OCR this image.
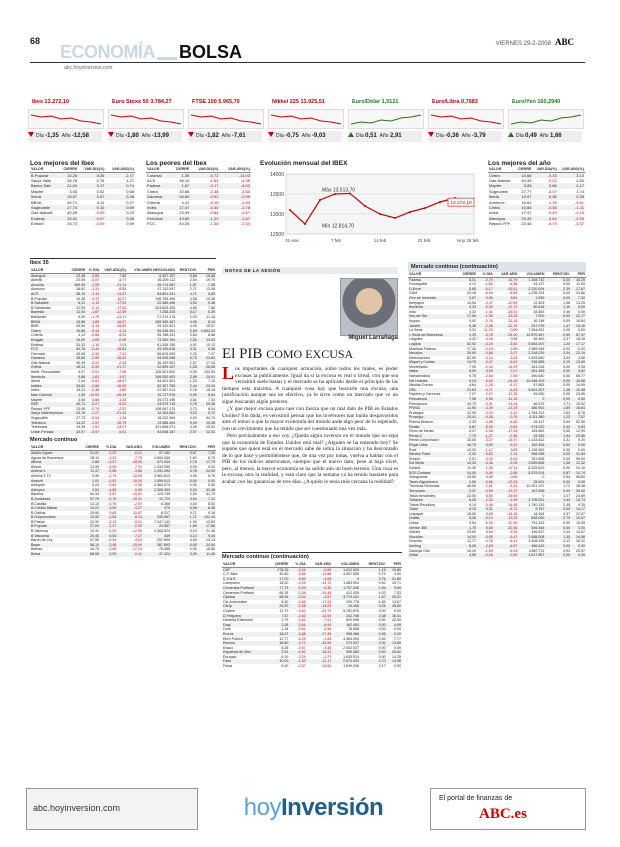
68
ECONOMÍA BOLSA
abc.hoyinversion.com
VIERNES 29-2-2008 ABC
Ibex 13.272,10
Día -1,35 Año -12,58
Euro Stoxx 50 3.784,27
Día -1,80 Año -13,99
FTSE 100 5.965,70
Día -1,82 Año -7,61
Nikkei 225 13.925,51
Día -0,75 Año -9,03
Euro/Dólar 1,5121
Día 0,51 Año 2,91
Euro/Libra 0,7683
Día -0,36 Año -3,79
Euro/Yen 160,2940
Día 0,49 Año 1,66
Los mejores del Ibex
VALOR	CIERRE	VAR.DÍA(%)	VAR.AÑO(%)
B.Popular	10,28	0,35	-2,47
Sacyr Valle	26,78	0,76	1,27
Banco Sab	21,04	0,17	0,74
Mapfre	3,05	0,02	0,66
Iberia	19,97	0,07	0,38
BBVA	40,71	0,11	0,27
Sogecable	27,73	0,10	0,69
Gas Natural	40,49	-0,09	0,22
Endesa	33,41	-0,07	0,38
Enfotel	15,73	-0,09	0,59
Los peores del Ibex
VALOR	CIERRE	VAR.DÍA(%)	VAR.AÑO(%)
Colonial	1,35	-0,72	-14,03
ACS	38,10	-1,64	-4,35
Fadesa	1,67	-0,17	-4,03
Cintra	10,66	-0,38	-3,54
Gamesa	26,60	-0,92	-2,99
Criteria	4,12	-0,10	-2,83
Indra	17,47	-0,40	-2,78
Abengoa	23,49	-0,64	-2,67
Ferrovial	43,80	-1,20	-2,67
FCC	40,26	-1,08	-2,64
Evolución mensual del IBEX
12500
13000
13500
14000
31 ene	7 feb	14 feb	21 feb	Hoy 28 feb
Máx 13.513,70
Mín 12.814,70
13.272,10
Los mejores del año
VALOR	CIERRE	VAR.DÍA(%)	VAR.AÑO(%)
Cintra	10,66	-0,33	3,13
Gas Natural	40,49	-0,22	2,84
Mapfre	3,05	0,66	2,17
Sogecable	27,77	-0,07	1,74
Iberia	19,97	0,38	0,35
Acerinox	16,62	-1,35	-0,61
Cintra	10,66	-0,38	-1,11
Indra	17,47	-0,40	-2,15
Abengoa	23,49	-0,64	-2,93
Repsol YPF	23,46	-0,79	-3,37
Ibex 35
VALOR	CIERRE	% DÍA	VAR.AÑO(%)	VOLUMEN NEGOCIADO	RENT.DIV.	PER
Abengoa	23,48	-2,65	7,89	6.307.157	0,68	15,68
Abertis	20,09	-0,57	-5,77	36.209.112	2,54	19,70
Acciona	169,90	-1,05	-21,14	49.174.087	1,87	7,36
Acerinox	16,62	-1,31	-8,55	17.132.097	2,71	13,08
ACS	38,10	-1,14	-14,87	53.801.341	4,71	5,65
B.Popular	10,38	-0,47	-10,27	196.759.496	4,38	10,38
B.Sabadell	6,31	-1,13	-17,54	22.389.496	3,93	9,38
B.Santander	12,05	-2,19	-17,62	324.625.305	4,65	7,66
Banesto	11,94	-1,87	-12,59	7.255.225	5,17	5,39
Bankinter	9,90	-1,79	-21,17	27.374.175	2,93	11,16
BBVA	13,58	-1,85	-16,07	285.369.487	4,95	8,14
BME	26,50	-3,15	-28,55	29.120.521	4,39	15,97
Cintra	10,66	-0,44	-3,14	35.446.301	0,54	2.803,34
Criteria	4,12	-2,88	-8,33	55.786.241	0,64	6,88
Enagás	19,60	-1,65	-0,55	73.390.764	2,52	13,93
Endesa	33,33	-1,10	-7,03	61.526.155	4,92	10,13
FCC	40,76	-2,44	-18,83	43.100.616	3,31	6,38
Ferrovial	49,65	-2,40	-7,21	65.625.099	2,33	7,47
Gamesa	26,60	-2,99	-16,02	44.926.268	0,75	24,60
Gas Natural	40,49	-0,22	-2,53	36.102.952	2,57	17,16
Grifols	15,23	-0,59	-21,17	22.899.157	1,28	25,68
Iberd. Renovables	4,07	-0,01	-7,96	126.501.502	0,00	133,53
Iberdrola	9,68	-1,63	-3,67	206.052.402	2,95	20,01
Iberia	2,44	-0,81	-18,67	34.401.901	1,23	7,10
Inditex	34,62	-2,66	-16,09	82.307.769	2,44	23,24
Indra	16,31	-0,38	-1,85	22.567.012	2,76	16,18
Mas Colonial	1,35	-14,03	-26,19	15.727.978	0,00	5,54
Mapfre	3,05	0,66	-1,33	29.073.196	3,61	7,34
REE	40,71	-0,27	-5,03	24.579.715	2,76	25,36
Repsol YPF	23,06	-0,74	-2,57	106.087.175	3,73	6,04
Sacyr Vallehermoso	20,76	-1,27	-21,42	12.304.081	3,03	5,72
Sogecable	27,73	-0,04	-1,26	18.212.964	0,00	54,70
Telecinco	14,22	-1,57	-16,79	13.988.494	9,00	10,08
Telefónica	19,35	-1,02	-13,27	421.896.071	3,36	15,03
Unión Fenosa	43,97	-0,97	-5,51	54.658.187	2,97	12,03
Mercado continuo
VALOR	CIERRE	% DÍA	VAR.AÑO	VOLUMEN	RENT.DIV.	PER
Adolfo Dguez	21,91	-2,20	-0,21	97.152	3,67	7,26
Aguas de Barcelona	28,11	-1,33	-7,79	4.694.050	1,60	6,70
Afirma	2,88	-0,57	-18,93	471.044	2,76	17,79
Amper	13,99	-3,59	-7,31	1.034.090	0,00	0,00
Antena 3	11,37	-2,86	-3,66	1.941.494	3,78	24,00
Antena 3 TV	9,39	-2,75	-11,39	3.961.613	4,35	9,76
Avanzit	1,91	-0,81	-19,34	1.059.013	0,00	0,00
Azkoyen	5,24	-3,69	-9,39	4.364.979	0,00	0,00
Azkoyen	2,52	-4,85	-9,59	2.305.353	0,00	32,48
Bankoa	54,34	-2,87	-10,41	123.749	0,00	51,70
B.Andalucía	57,75	-0,70	-10,31	31.723	4,54	7,12
B.Castilla	13,10	-0,76	-2,97	6.366	4,50	8,00
B.Crédito Balear	19,22	0,00	-3,27	479	6,05	8,46
B.Galicia	15,90	0,63	-11,67	6.317	4,71	9,18
B.Guipuzcoano	13,92	-1,84	-6,13	330.067	1,71	101,44
B.Pastor	10,30	-3,19	-5,01	7.147.142	1,90	12,53
B.Popular	27,09	-2,07	-2,09	20.867	1,89	17,56
B.Valencia	10,41	-0,53	-12,55	2.363.524	0,24	21,38
B.Vasconia	20,40	0,00	-7,27	349	3,13	9,34
Baron de Ley	47,50	-0,94	-4,04	257.809	0,00	13,13
Bayer	58,10	-3,98	-29,94	367.693	0,00	24,50
Befesa	16,70	-2,65	-17,24	70.465	0,00	15,80
Bolsa	68,00	0,00	-2,41	47.424	0,00	11,38
NOTAS DE LA SESIÓN
Miguel Larrañaga
El PIB COMO EXCUSA

Los importantes de cualquier actuación, sobre todos los males, es poder excusas la publicamente. Igual da si la excusa es real o irreal, con que sea verosímil suele bastar y el mercado se ha aplicado desde el principio de las tiempos esta máxima. A cualquier cosa hay que buscarle una excusa, una justificación aunque sea un efectivo, ya le sirve como un mercado que ve un sigue buscando algún pretexto.

¿Y qué mejor excusa para caer con fuerza que un mal dato de PIB en Estados Unidos? Sin duda, es verosímil pensar que los inversores han huido despavoridos ante el temor a que la mayor economía del mundo ande algo peor de lo esperado, con un crecimiento que ha tenido que ser cuestionado una vez más.

Pero precisamente a eso voy. ¿Queda algún inversor en el mundo que no sepa que la economía de Estados Unidos está mal? ¿Alguien se ha enterado hoy? Se supone que quien está en el mercado sabe de sobra la situación y ha descontado de lo que hace y permitiéndose que, de una vez por todas, vuelva a hablar con el PIB de los índices americanos, siempre que el nuevo dato, pese al bajo nivel, pero, al menos, la mayor economía se ha salido aún un buen terreno. Una cosa es la excusa, otra la realidad, y está claro que la semana ya ha tenido bastante para acabar con las ganancias de tres días. ¿A quién le tenía más cercana la realidad?

Mercado continuo (continuación)
VALOR	CIERRE	% DÍA	VAR.AÑO	VOLUMEN	RENT.DIV.	PER
CAF	278,15	-2,44	-0,06	1.012.929	1,15	10,80
C.F. Alba	40,80	-0,68	-11,86	4.357.556	0,79	4,90
C.V.N.E.	17,00	0,00	-4,06	0	2,76	31,80
Campofrío	18,20	-0,29	-13,72	1.083.904	0,00	19,71
Cementos Portland	77,73	-0,49	-0,35	1.707.036	1,94	9,69
Cementos Portland	66,35	-0,38	-10,44	412.435	4,03	7,53
Ciplasa	68,54	-0,04	-4,57	3.773.101	1,67	25,01
Cie Automotive	6,00	-0,66	-17,24	299.778	1,83	13,67
Clinip	26,92	-0,38	-15,09	24.405	0,26	45,80
Codere	12,79	-0,62	-29,73	5.781.876	0,00	0,00
D.Felguera	7,57	-2,62	-12,09	242.768	2,38	16,41
Dinamia Ediciones	3,75	-2,63	-7,91	629.096	0,00	42,59
Dogi	2,08	-0,64	-5,94	162.493	0,00	4,99
Duro	1,24	-0,81	-2,46	78.658	0,00	0,00
Ercros	18,07	-3,58	-17,49	598.468	0,55	0,00
Ebro Puleva	12,77	-6,23	-1,83	4.364.094	2,82	7,77
Elecnor	38,60	-3,73	-32,55	274.037	0,92	13,80
Enaco	6,28	-4,67	-3,45	2.002.037	0,00	0,00
Española de Zinc	2,51	-4,92	-15,41	399.383	0,00	29,62
Europac	6,19	-3,29	-2,27	1.635.514	0,00	14,35
Faes	10,00	-1,59	-11,17	2.570.033	4,70	14,96
Fersa	5,00	-2,57	-15,60	1.549.206	0,17	0,00
Mercado continuo (continuación)
VALOR	CIERRE	% DÍA	VAR.AÑO	VOLUMEN	RENT.DIV.	PER
Fadesa	5,01	-0,79	-16,79	1.358.732	0,00	16,25
Funespaña	4,12	-1,82	-6,88	34.137	0,00	11,00
G.Ence	5,85	-0,17	-15,51	2.320.004	2,39	17,67
GAM	20,18	-6,49	-8,59	1.235.224	0,00	24,66
Gen.de Inversión	2,07	0,00	5,61	1.539	0,00	7,32
Iberpapel	14,54	-3,47	-10,59	12.403	1,38	13,25
Iberdrola	3,33	-0,90	-12,72	80.618	1,10	5,00
Indo	4,32	-1,41	-25,51	18.683	0,46	0,00
Inm.del Sur	17,50	-1,35	-13,25	7.000	0,00	22,77
Inypsa	3,92	-0,76	-23,14	16.748	0,00	16,64
Jazztel	0,38	-2,56	-12,75	247.076	1,47	16,16
La Seda	0,31	-11,43	0,00	7.554.831	0,00	0,00
L.Seda de Barcelona	1,29	-0,76	-24,00	19.570.467	0,50	57,47
Lingotes	4,22	-4,46	0,96	36.460	2,37	16,26
Logista	52,92	-0,19	-3,63	5.883.007	1,20	17,17
Martinsa Fadesa	17,40	-0,29	2,90	1.989.246	0,00	0,00
Mecalux	20,90	-0,86	-3,07	2.318.229	3,34	12,19
Metrovacesa	82,50	-0,24	-3,04	3.493.640	3,03	4,56
Miquel y Costas	14,75	-0,47	-6,61	336.585	4,19	13,60
Montebalito	7,99	-2,44	-14,09	341.016	0,00	9,28
Natra	8,00	0,00	-7,07	351.169	0,00	9,62
Natraceutical	0,78	-2,50	-7,50	390.640	0,00	65,77
NH Hoteles	9,24	-3,84	-24,26	10.348.109	0,00	16,58
Nicolás Correa	4,64	-1,28	-6,17	57.583	0,00	14,99
OHL	21,64	-4,71	-6,01	5.601.307	1,38	10,98
Papeles y Cartones	7,07	-2,07	-12,25	49.930	0,00	23,96
Pescanova	7,06	0,00	-11,14	0	0,00	0,00
Pescanova	34,79	-0,91	-14,04	46.679	1,71	15,92
PRISA	11,90	-4,39	-13,29	380.902	1,89	18,64
Prosegur	22,99	-0,04	-3,22	1.784.313	1,62	8,76
Prosegur	24,41	-0,26	-0,78	4.111.380	1,23	7,57
Puleva Biotech	2,29	-4,58	-8,60	26.417	0,00	52,96
Realia	5,87	-5,03	-9,69	574.022	3,32	9,63
Reno de Medici	0,47	-2,08	-17,54	184.663	0,00	12,99
Renta 4	7,75	-1,27	-2,48	28.345	1,94	20,56
Renta Corporación	33,00	-3,27	-14,97	1.133.622	4,31	9,20
Reyal Urbis	16,70	0,00	-9,22	152.426	0,00	0,00
Rovi	10,20	-1,17	3,93	1.198.963	0,00	0,00
Service Point	2,42	-0,82	-1,14	998.398	0,00	31,54
Sniace	2,51	-3,33	-6,62	357.658	0,00	99,00
Sol Meliá	10,33	-0,46	-3,05	3.559.808	1,36	12,32
Solaria	11,30	-1,05	-47,11	6.325.629	0,00	24,16
SOS Cuétara	14,40	-0,49	-2,86	5.379.914	0,87	10,74
Sotogrande	15,50	0,00	0,00	0	0,94	96,60
Tavex Algodonera	1,50	-0,66	-13,33	25.001	0,00	0,00
Técnicas Reunidas	46,06	-2,81	-5,41	10.201.197	1,72	26,48
Tecnocom	3,37	-0,59	-13,37	187.838	0,00	39,92
Testa Inmuebles	22,00	0,00	-39,69	0	1,27	24,89
Tubacex	6,20	-2,33	-1,99	2.705.531	1,43	14,74
Tubos Reunidos	4,14	-0,48	-14,84	1.740.315	2,45	9,35
Tudor	9,75	0,31	-6,70	9.757	0,00	14,17
Unipapel	15,00	0,00	-16,45	18.394	4,37	22,07
Uralita	5,36	-0,19	-13,03	808.000	2,79	10,07
Urbas	0,54	-6,25	-12,90	791.332	0,00	15,35
Vértice 360	1,76	0,00	-20,36	526.548	0,00	0,00
Vidrala	23,90	0,04	-3,53	196.827	2,44	13,57
Viscofán	14,00	-0,85	-5,47	2.688.008	1,35	14,98
Vocento	12,77	-0,78	-6,47	3.308.035	3,12	16,32
Vueling	8,26	-2,83	-6,57	486.429	0,00	0,00
Zardoya Otis	16,20	-1,69	-5,93	4.567.711	3,93	25,97
Zeltia	4,59	-0,16	-2,69	3.617.897	0,00	0,00
abc.hoyinversion.com	hoyInversión	El portal de finanzas de
ABC.es
